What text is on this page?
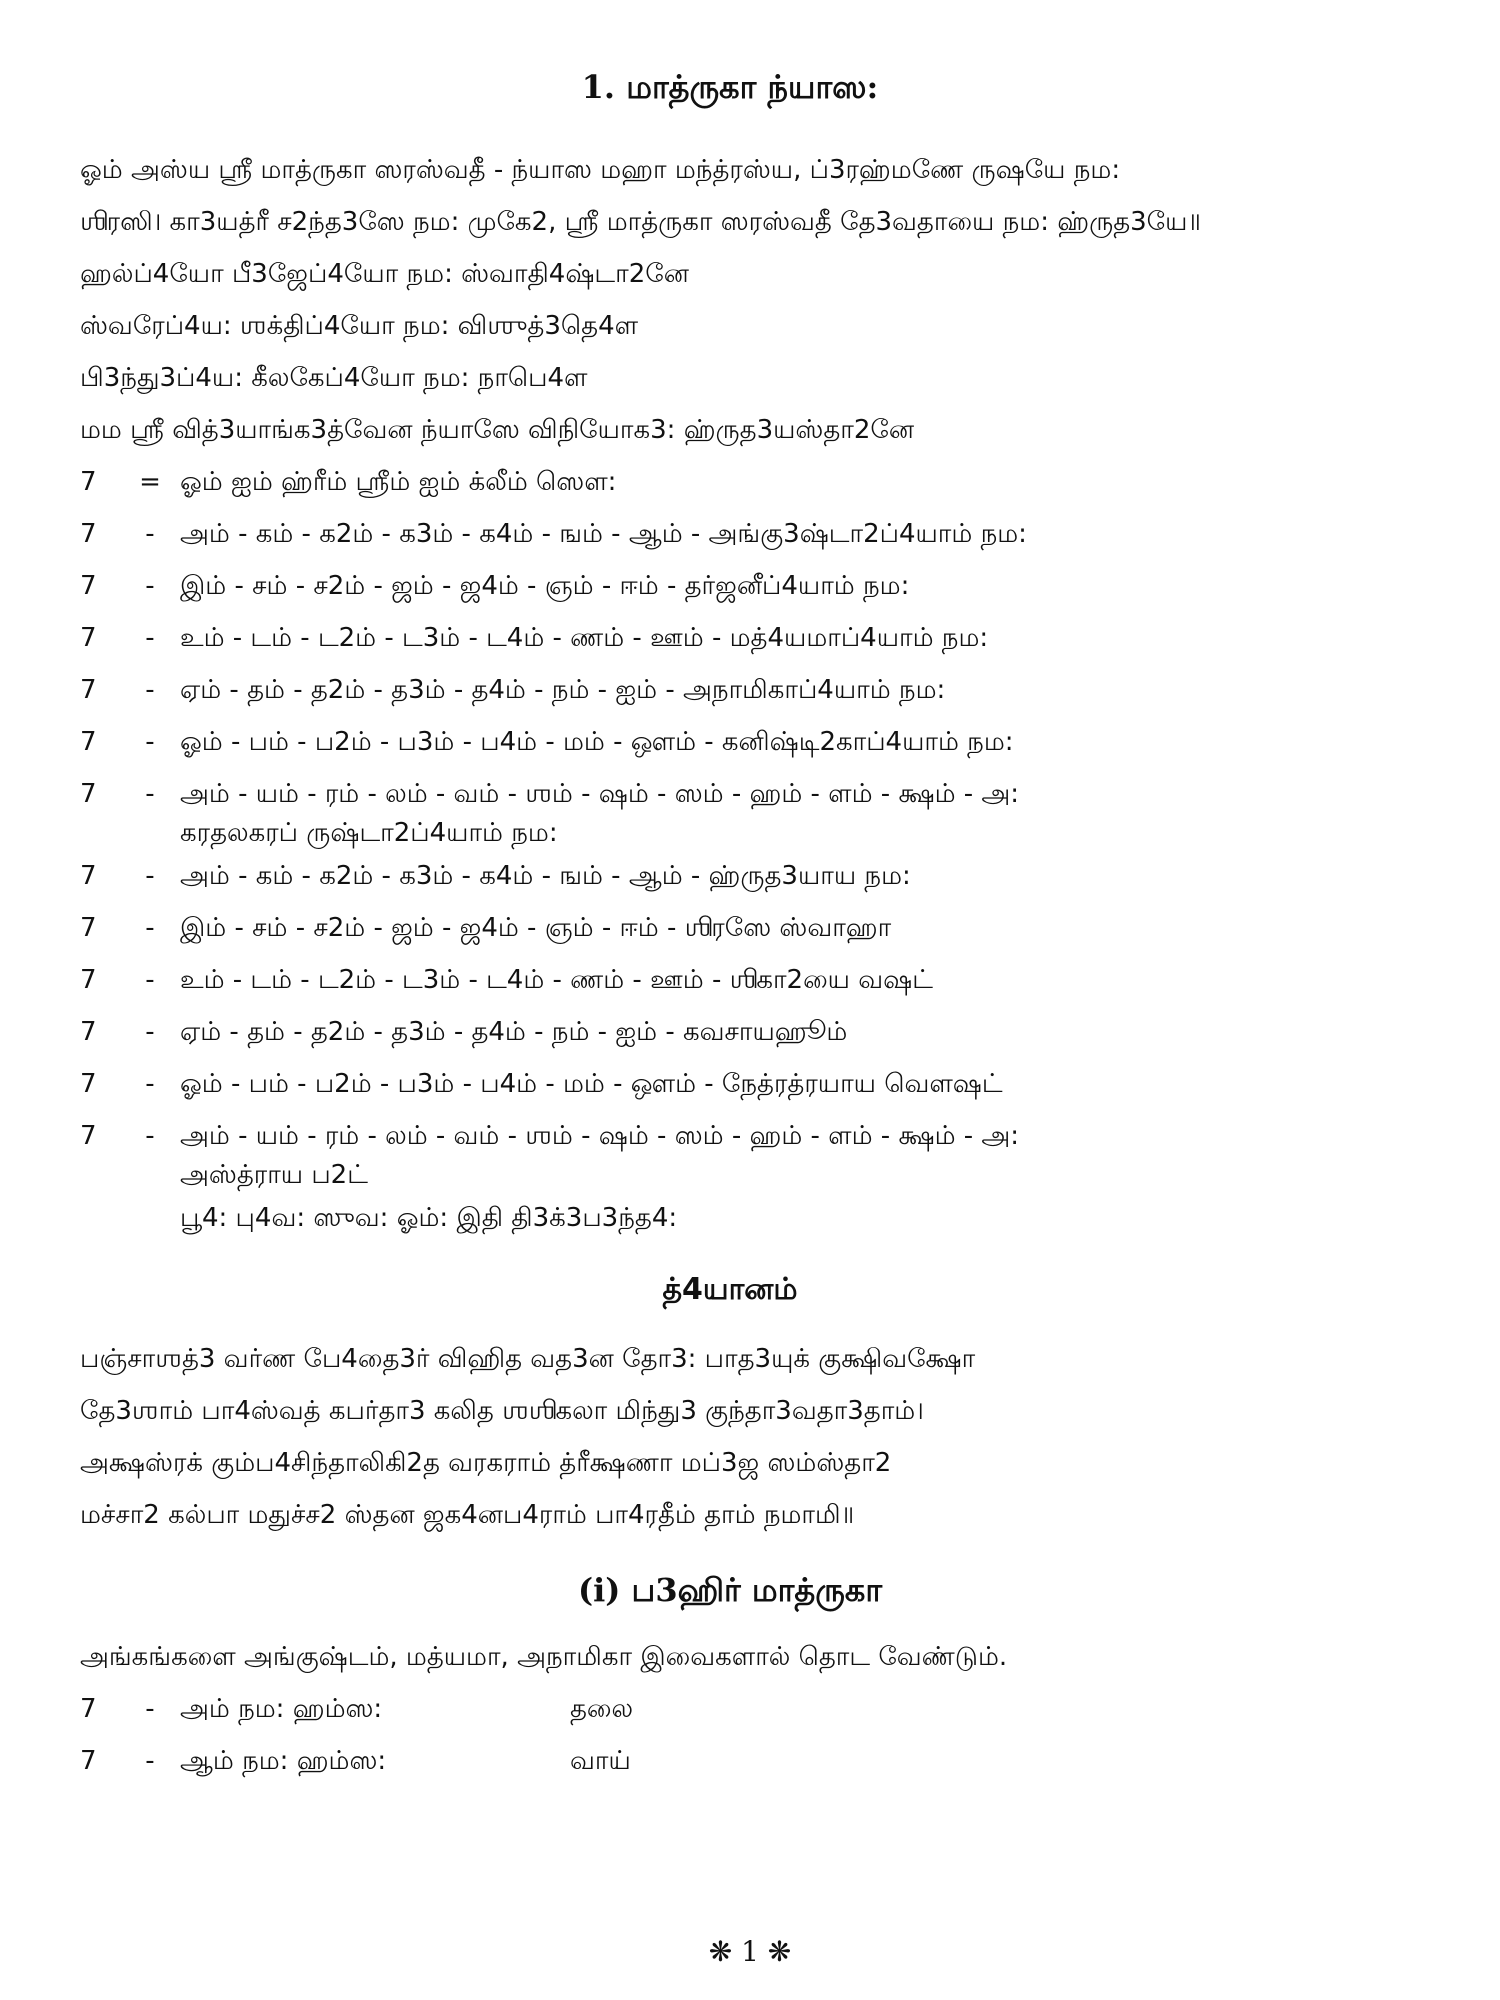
1. மாத்ருகா ந்யாஸ:
ஓம் அஸ்ய ஸ்ரீ மாத்ருகா ஸரஸ்வதீ - ந்யாஸ மஹா மந்த்ரஸ்ய, ப்3ரஹ்மணே ருஷயே நம:
ஶிரஸி। கா3யத்ரீ ச2ந்த3ஸே நம: முகே2, ஸ்ரீ மாத்ருகா ஸரஸ்வதீ தே3வதாயை நம: ஹ்ருத3யே॥
ஹல்ப்4யோ பீ3ஜேப்4யோ நம: ஸ்வாதி4ஷ்டா2னே
ஸ்வரேப்4ய: ஶக்திப்4யோ நம: விஶுத்3தெ4ள
பி3ந்து3ப்4ய: கீலகேப்4யோ நம: நாபெ4ள
மம ஸ்ரீ வித்3யாங்க3த்வேன ந்யாஸே விநியோக3: ஹ்ருத3யஸ்தா2னே
7	= ஓம் ஐம் ஹ்ரீம் ஸ்ரீம் ஐம் க்லீம் ஸௌ:
7	- அம் - கம் - க2ம் - க3ம் - க4ம் - ஙம் - ஆம் - அங்கு3ஷ்டா2ப்4யாம் நம:
7	- இம் - சம் - ச2ம் - ஜம் - ஜ4ம் - ஞம் - ஈம் - தர்ஜனீப்4யாம் நம:
7	- உம் - டம் - ட2ம் - ட3ம் - ட4ம் - ணம் - ஊம் - மத்4யமாப்4யாம் நம:
7	- ஏம் - தம் - த2ம் - த3ம் - த4ம் - நம் - ஐம் - அநாமிகாப்4யாம் நம:
7	- ஓம் - பம் - ப2ம் - ப3ம் - ப4ம் - மம் - ஔம் - கனிஷ்டி2காப்4யாம் நம:
7	- அம் - யம் - ரம் - லம் - வம் - ஶம் - ஷம் - ஸம் - ஹம் - ளம் - க்ஷம் - அ:
கரதலகரப் ருஷ்டா2ப்4யாம் நம:
7	- அம் - கம் - க2ம் - க3ம் - க4ம் - ஙம் - ஆம் - ஹ்ருத3யாய நம:
7	- இம் - சம் - ச2ம் - ஜம் - ஜ4ம் - ஞம் - ஈம் - ஶிரஸே ஸ்வாஹா
7	- உம் - டம் - ட2ம் - ட3ம் - ட4ம் - ணம் - ஊம் - ஶிகா2யை வஷட்
7	- ஏம் - தம் - த2ம் - த3ம் - த4ம் - நம் - ஐம் - கவசாயஹூம்
7	- ஓம் - பம் - ப2ம் - ப3ம் - ப4ம் - மம் - ஔம் - நேத்ரத்ரயாய வௌஷட்
7	- அம் - யம் - ரம் - லம் - வம் - ஶம் - ஷம் - ஸம் - ஹம் - ளம் - க்ஷம் - அ:
அஸ்த்ராய ப2ட்
பூ4: பு4வ: ஸுவ: ஓம்: இதி தி3க்3ப3ந்த4:
த்4யானம்
பஞ்சாஶத்3 வர்ண பே4தை3ர் விஹித வத3ன தோ3: பாத3யுக் குக்ஷிவக்ஷோ
தே3ஶாம் பா4ஸ்வத் கபர்தா3 கலித ஶஶிகலா மிந்து3 குந்தா3வதா3தாம்।
அக்ஷஸ்ரக் கும்ப4சிந்தாலிகி2த வரகராம் த்ரீக்ஷணா மப்3ஜ ஸம்ஸ்தா2
மச்சா2 கல்பா மதுச்ச2 ஸ்தன ஜக4னப4ராம் பா4ரதீம் தாம் நமாமி॥
(i) ப3ஹிர் மாத்ருகா
அங்கங்களை அங்குஷ்டம், மத்யமா, அநாமிகா இவைகளால் தொட வேண்டும்.
7	- அம் நம: ஹம்ஸ:	தலை
7	- ஆம் நம: ஹம்ஸ:	வாய்
❋ 1 ❋
